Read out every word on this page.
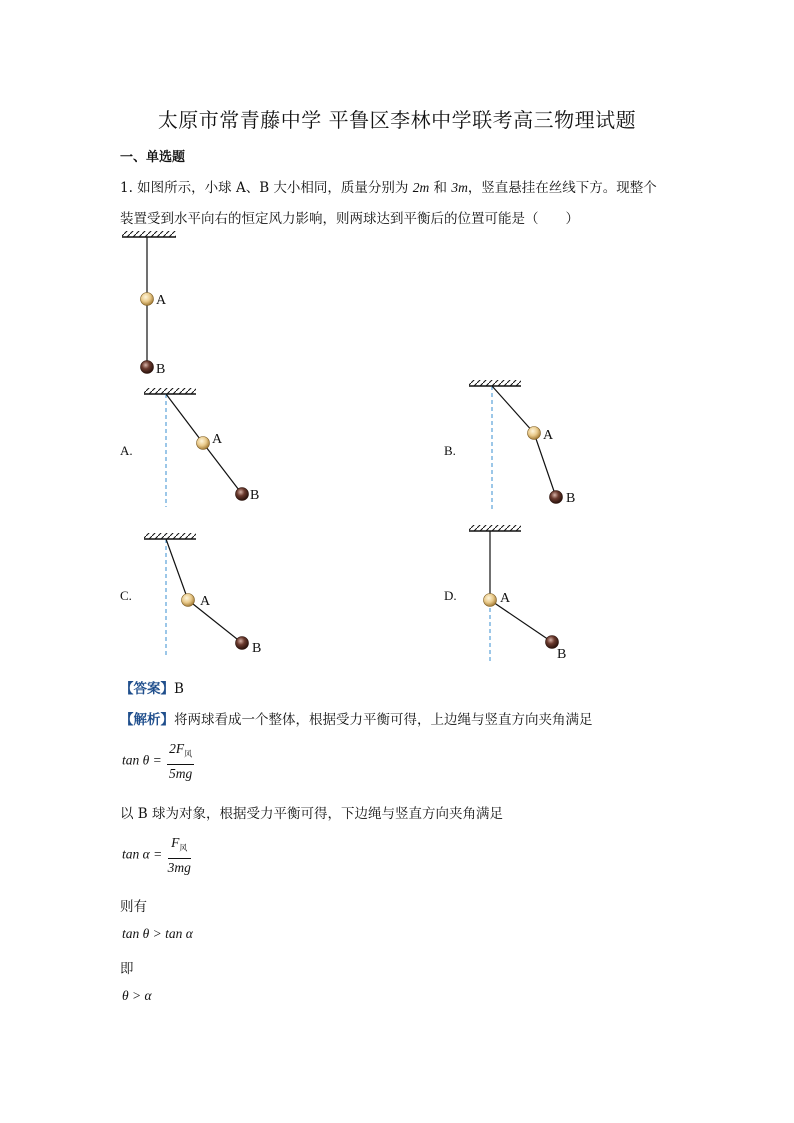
太原市常青藤中学 平鲁区李林中学联考高三物理试题
一、单选题
1. 如图所示，小球 A、B 大小相同，质量分别为 2m 和 3m，竖直悬挂在丝线下方。现整个
装置受到水平向右的恒定风力影响，则两球达到平衡后的位置可能是（　　）
A
B
A.
A
B
B.
A
B
C.	A
B
D.	A
B
【答案】B
【解析】将两球看成一个整体，根据受力平衡可得，上边绳与竖直方向夹角满足
$\tan \theta = \frac{2F_风}{5mg}$
以 B 球为对象，根据受力平衡可得，下边绳与竖直方向夹角满足
$\tan \alpha = \frac{F_风}{3mg}$
则有
tan θ > tan α
即
θ > α
